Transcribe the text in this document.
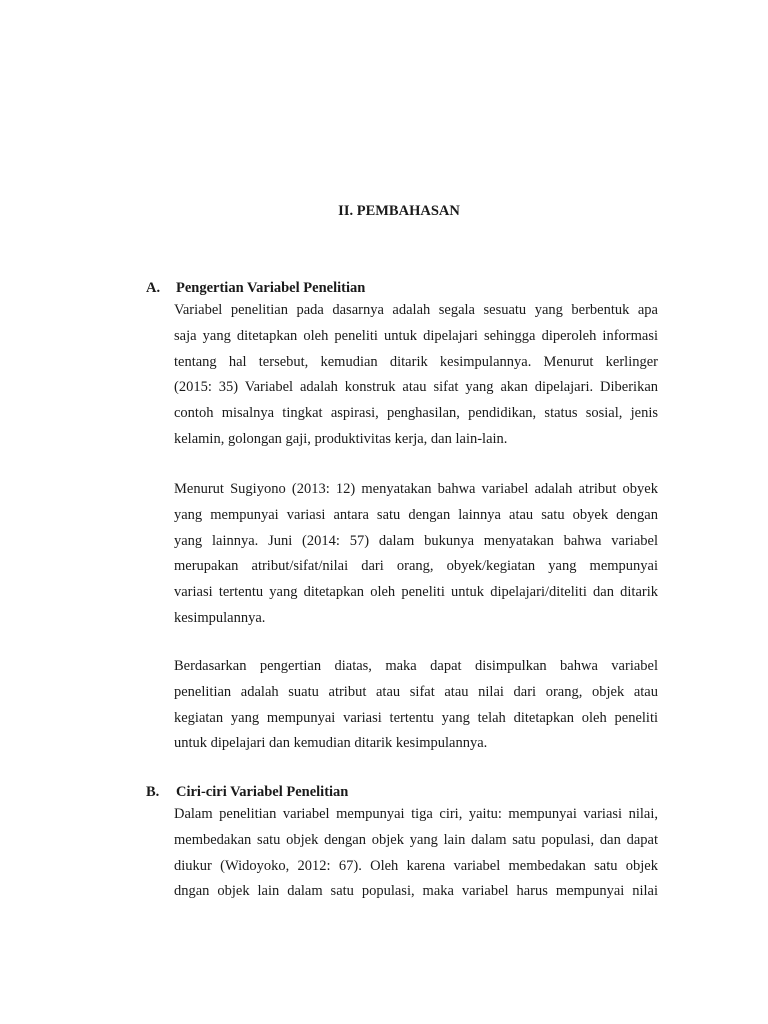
II. PEMBAHASAN
A. Pengertian Variabel Penelitian

Variabel penelitian pada dasarnya adalah segala sesuatu yang berbentuk apa
saja yang ditetapkan oleh peneliti untuk dipelajari sehingga diperoleh informasi
tentang hal tersebut, kemudian ditarik kesimpulannya. Menurut kerlinger
(2015: 35) Variabel adalah konstruk atau sifat yang akan dipelajari. Diberikan
contoh misalnya tingkat aspirasi, penghasilan, pendidikan, status sosial, jenis
kelamin, golongan gaji, produktivitas kerja, dan lain-lain.

Menurut Sugiyono (2013: 12) menyatakan bahwa variabel adalah atribut obyek
yang mempunyai variasi antara satu dengan lainnya atau satu obyek dengan
yang lainnya. Juni (2014: 57) dalam bukunya menyatakan bahwa variabel
merupakan atribut/sifat/nilai dari orang, obyek/kegiatan yang mempunyai
variasi tertentu yang ditetapkan oleh peneliti untuk dipelajari/diteliti dan ditarik
kesimpulannya.

Berdasarkan pengertian diatas, maka dapat disimpulkan bahwa variabel
penelitian adalah suatu atribut atau sifat atau nilai dari orang, objek atau
kegiatan yang mempunyai variasi tertentu yang telah ditetapkan oleh peneliti
untuk dipelajari dan kemudian ditarik kesimpulannya.

B. Ciri-ciri Variabel Penelitian

Dalam penelitian variabel mempunyai tiga ciri, yaitu: mempunyai variasi nilai,
membedakan satu objek dengan objek yang lain dalam satu populasi, dan dapat
diukur (Widoyoko, 2012: 67). Oleh karena variabel membedakan satu objek
dngan objek lain dalam satu populasi, maka variabel harus mempunyai nilai
